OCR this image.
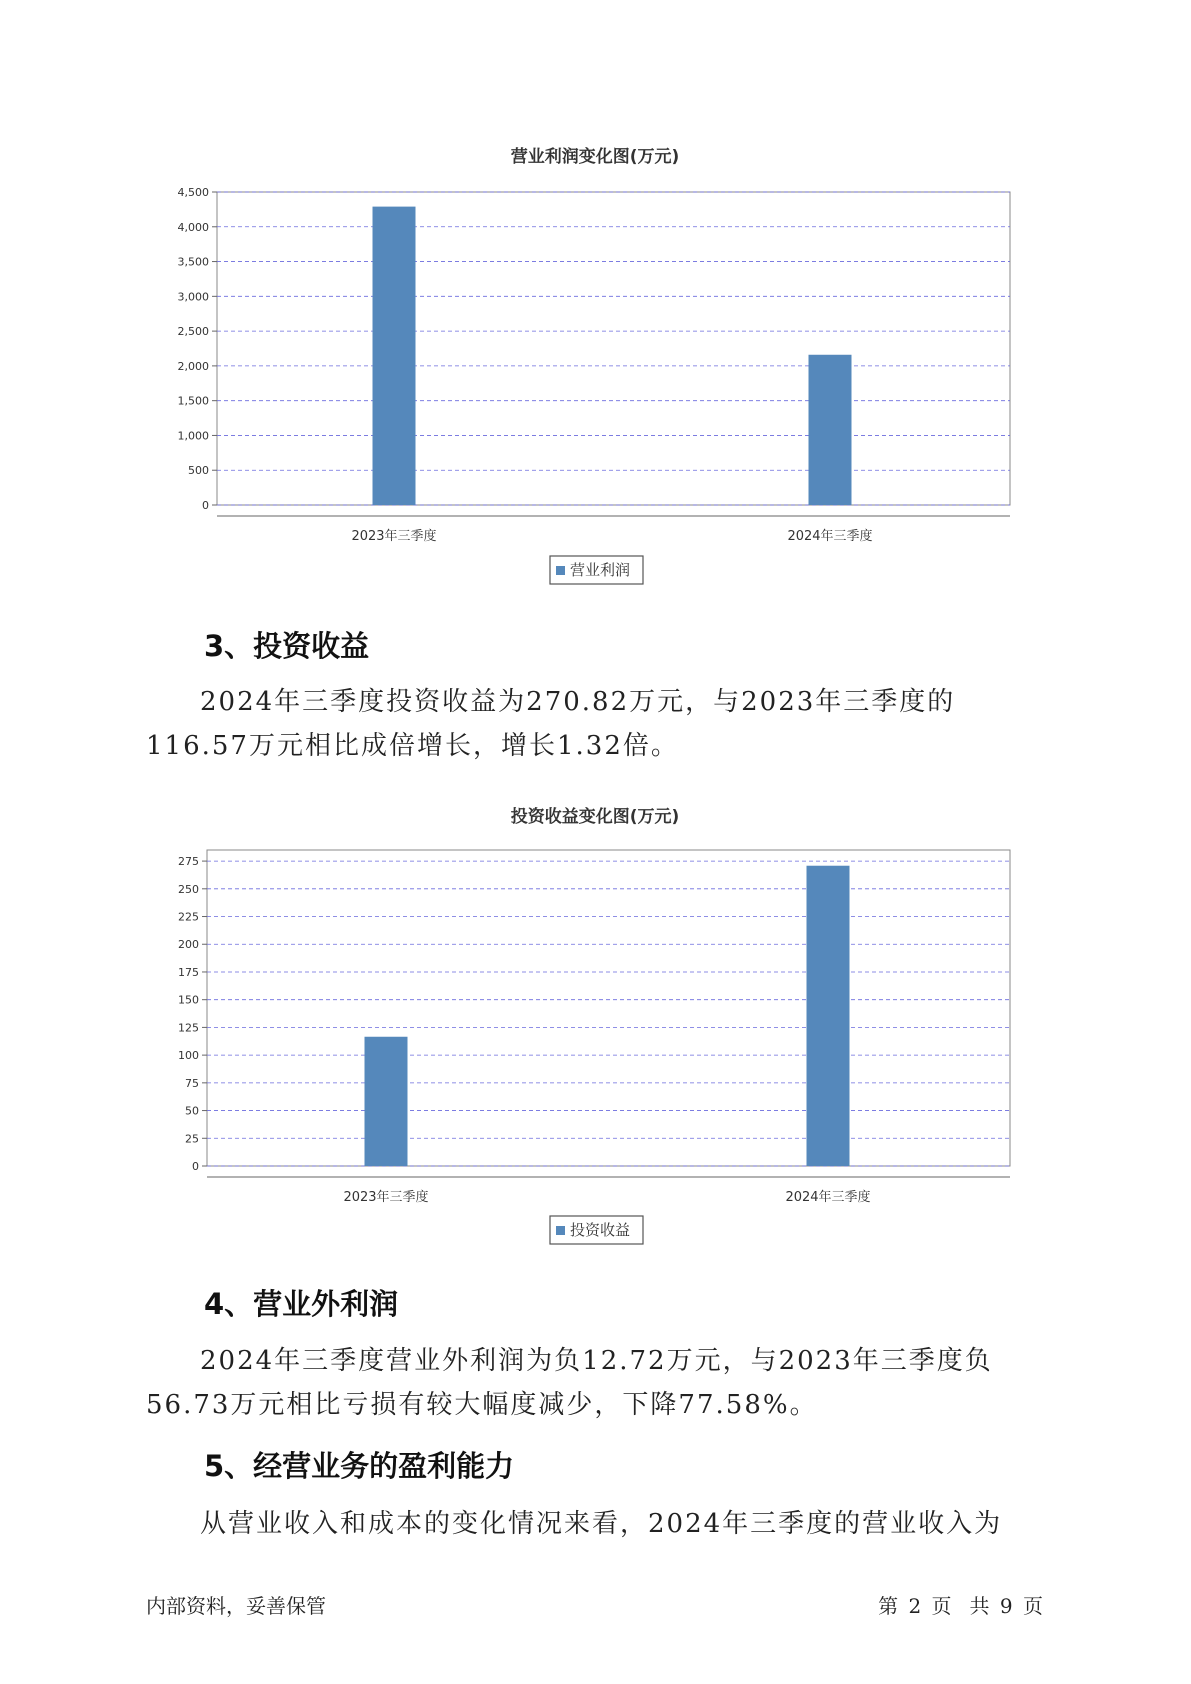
营业利润变化图(万元)
0
500
1,000
1,500
2,000
2,500
3,000
3,500
4,000
4,500
2023年三季度	2024年三季度
营业利润
3、投资收益

2024年三季度投资收益为270.82万元，与2023年三季度的116.57万元相比成倍增长，增长1.32倍。

投资收益变化图(万元)
0
25
50
75
100
125
150
175
200
225
250
275
2023年三季度	2024年三季度
投资收益
4、营业外利润

2024年三季度营业外利润为负12.72万元，与2023年三季度负56.73万元相比亏损有较大幅度减少，下降77.58%。

5、经营业务的盈利能力

从营业收入和成本的变化情况来看，2024年三季度的营业收入为

内部资料，妥善保管	第 2 页 共 9 页
